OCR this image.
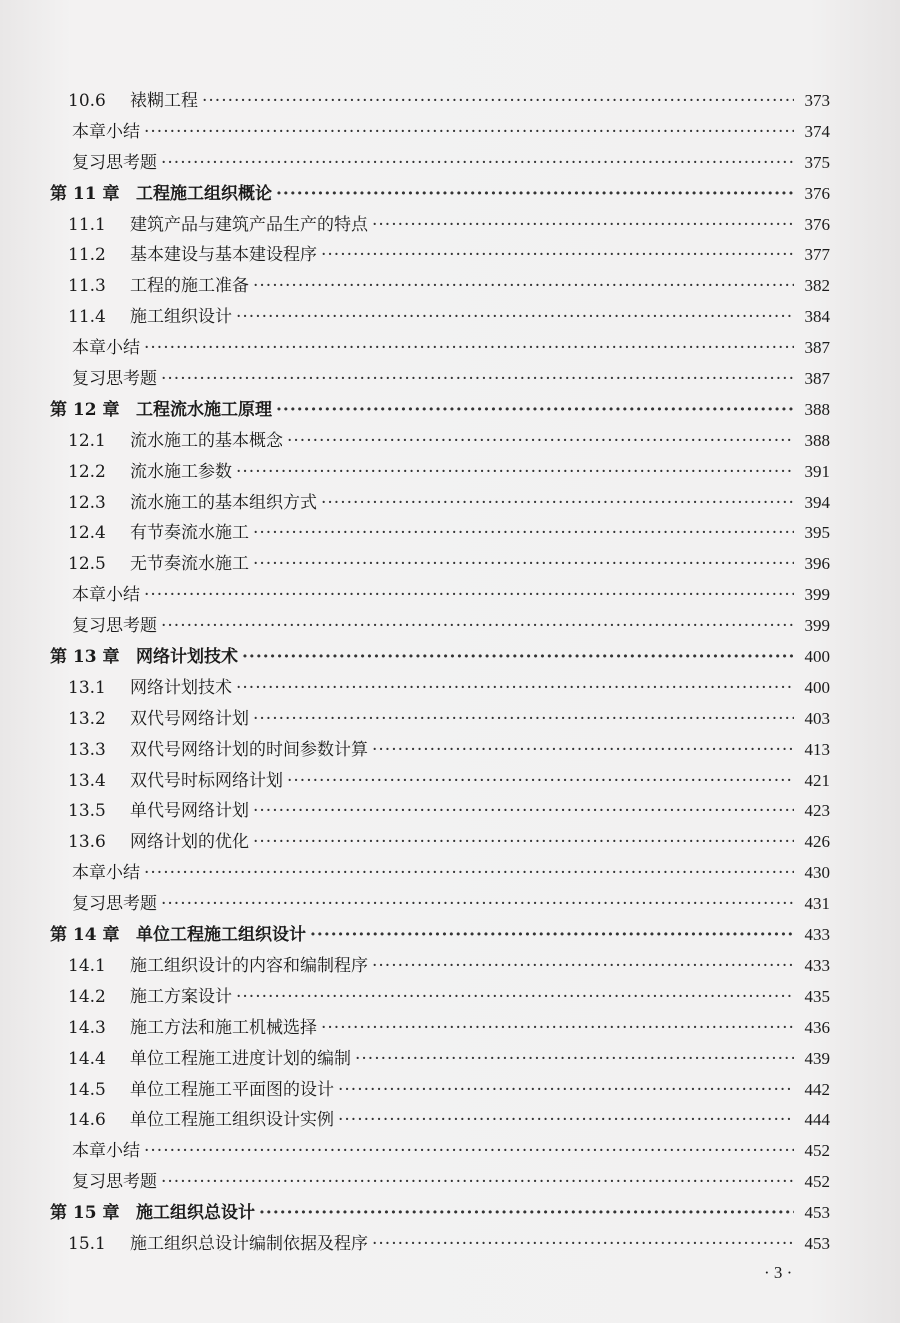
10.6	裱糊工程 ·····	373
本章小结 ·····	374
复习思考题 ·····	375
第 11 章 工程施工组织概论 ·····	376
11.1	建筑产品与建筑产品生产的特点 ·····	376
11.2	基本建设与基本建设程序 ·····	377
11.3	工程的施工准备 ·····	382
11.4	施工组织设计 ·····	384
本章小结 ·····	387
复习思考题 ·····	387
第 12 章 工程流水施工原理 ·····	388
12.1	流水施工的基本概念 ·····	388
12.2	流水施工参数 ·····	391
12.3	流水施工的基本组织方式 ·····	394
12.4	有节奏流水施工 ·····	395
12.5	无节奏流水施工 ·····	396
本章小结 ·····	399
复习思考题 ·····	399
第 13 章 网络计划技术 ·····	400
13.1	网络计划技术 ·····	400
13.2	双代号网络计划 ·····	403
13.3	双代号网络计划的时间参数计算 ·····	413
13.4	双代号时标网络计划 ·····	421
13.5	单代号网络计划 ·····	423
13.6	网络计划的优化 ·····	426
本章小结 ·····	430
复习思考题 ·····	431
第 14 章 单位工程施工组织设计 ·····	433
14.1	施工组织设计的内容和编制程序 ·····	433
14.2	施工方案设计 ·····	435
14.3	施工方法和施工机械选择 ·····	436
14.4	单位工程施工进度计划的编制 ·····	439
14.5	单位工程施工平面图的设计 ·····	442
14.6	单位工程施工组织设计实例 ·····	444
本章小结 ·····	452
复习思考题 ·····	452
第 15 章 施工组织总设计 ·····	453
15.1	施工组织总设计编制依据及程序 ·····	453
· 3 ·
